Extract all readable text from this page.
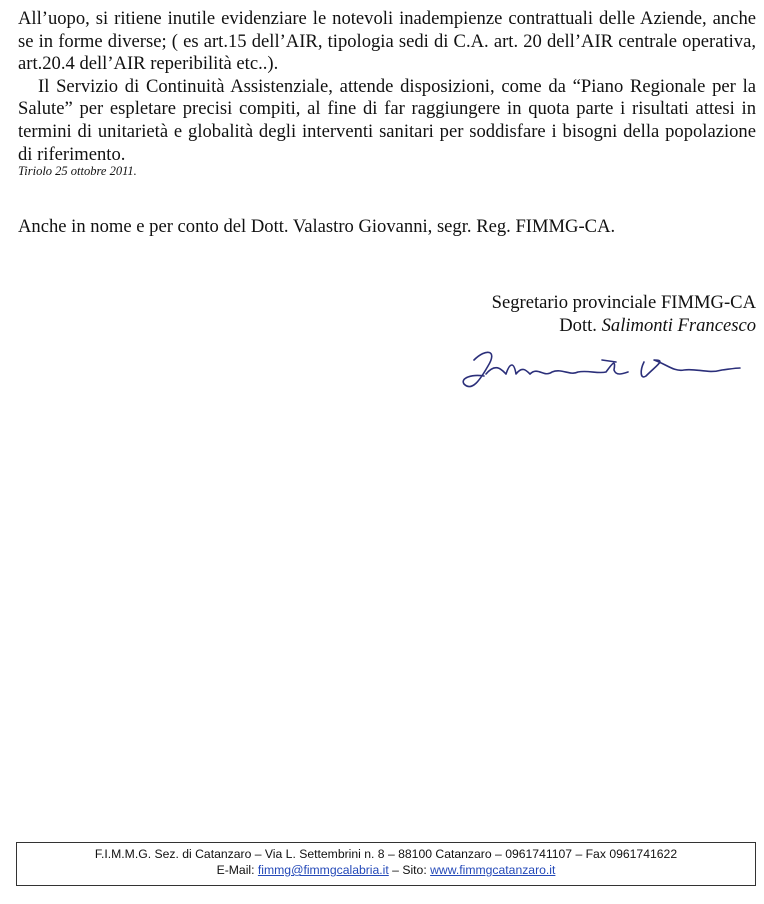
All’uopo, si ritiene inutile evidenziare le notevoli inadempienze contrattuali delle Aziende, anche se in forme diverse; ( es art.15 dell’AIR, tipologia sedi di C.A. art. 20 dell’AIR centrale operativa, art.20.4 dell’AIR reperibilità etc..).

Il Servizio di Continuità Assistenziale, attende disposizioni, come da “Piano Regionale per la Salute” per espletare precisi compiti, al fine di far raggiungere in quota parte i risultati attesi in termini di unitarietà e globalità degli interventi sanitari per soddisfare i bisogni della popolazione di riferimento.

Tiriolo 25 ottobre 2011.

Anche in nome e per conto del Dott. Valastro Giovanni, segr. Reg. FIMMG-CA.

Segretario provinciale FIMMG-CA

Dott. Salimonti Francesco

F.I.M.M.G. Sez. di Catanzaro – Via L. Settembrini n. 8 – 88100 Catanzaro – 0961741107 – Fax 0961741622

E-Mail: fimmg@fimmgcalabria.it – Sito: www.fimmgcatanzaro.it
